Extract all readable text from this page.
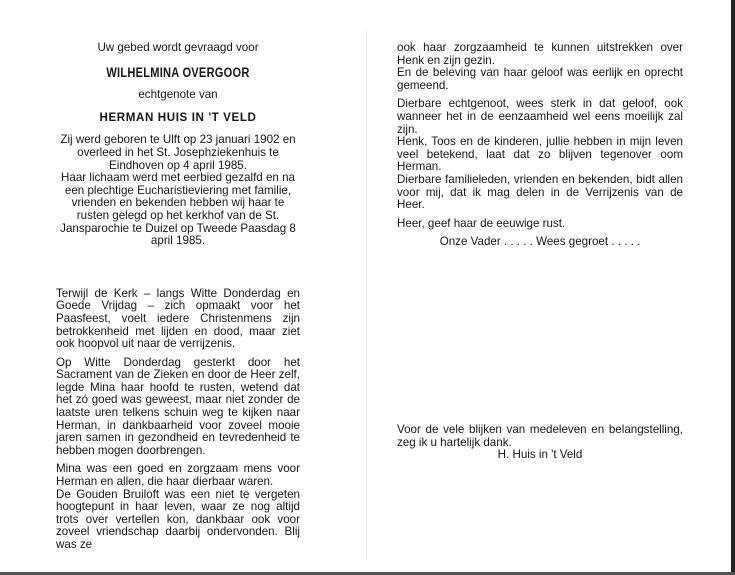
Uw gebed wordt gevraagd voor

WILHELMINA OVERGOOR

echtgenote van

HERMAN HUIS IN 'T VELD

Zij werd geboren te Ulft op 23 januari 1902 en overleed in het St. Josephziekenhuis te Eindhoven op 4 april 1985.

Haar lichaam werd met eerbied gezalfd en na een plechtige Eucharistieviering met familie, vrienden en bekenden hebben wij haar te rusten gelegd op het kerkhof van de St. Jansparochie te Duizel op Tweede Paasdag 8 april 1985.

Terwijl de Kerk – langs Witte Donderdag en Goede Vrijdag – zich opmaakt voor het Paasfeest, voelt iedere Christenmens zijn betrokkenheid met lijden en dood, maar ziet ook hoopvol uit naar de verrijzenis.

Op Witte Donderdag gesterkt door het Sacrament van de Zieken en door de Heer zelf, legde Mina haar hoofd te rusten, wetend dat het zó goed was geweest, maar niet zonder de laatste uren telkens schuin weg te kijken naar Herman, in dankbaarheid voor zoveel mooie jaren samen in gezondheid en tevredenheid te hebben mogen doorbrengen.

Mina was een goed en zorgzaam mens voor Herman en allen, die haar dierbaar waren.

De Gouden Bruiloft was een niet te vergeten hoogtepunt in haar leven, waar ze nog altijd trots over vertellen kon, dankbaar ook voor zoveel vriendschap daarbij ondervonden. Blij was ze

ook haar zorgzaamheid te kunnen uitstrekken over Henk en zijn gezin.

En de beleving van haar geloof was eerlijk en oprecht gemeend.

Dierbare echtgenoot, wees sterk in dat geloof, ook wanneer het in de eenzaamheid wel eens moeilijk zal zijn.

Henk, Toos en de kinderen, jullie hebben in mijn leven veel betekend, laat dat zo blijven tegenover oom Herman.

Dierbare familieleden, vrienden en bekenden, bidt allen voor mij, dat ik mag delen in de Verrijzenis van de Heer.

Heer, geef haar de eeuwige rust.

Onze Vader . . . . . Wees gegroet . . . . .

Voor de vele blijken van medeleven en belangstelling, zeg ik u hartelijk dank.

H. Huis in 't Veld
